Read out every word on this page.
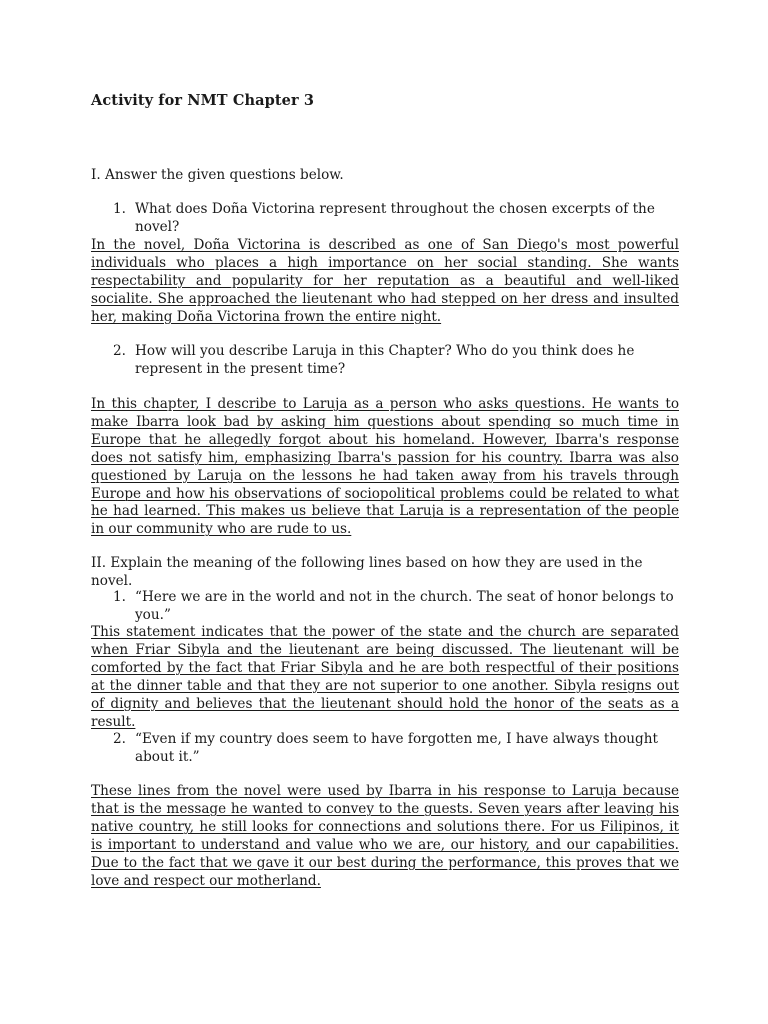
Activity for NMT Chapter 3

I. Answer the given questions below.

1. What does Doña Victorina represent throughout the chosen excerpts of the novel?

In the novel, Doña Victorina is described as one of San Diego's most powerful individuals who places a high importance on her social standing. She wants respectability and popularity for her reputation as a beautiful and well-liked socialite. She approached the lieutenant who had stepped on her dress and insulted her, making Doña Victorina frown the entire night.

2. How will you describe Laruja in this Chapter? Who do you think does he represent in the present time?

In this chapter, I describe to Laruja as a person who asks questions. He wants to make Ibarra look bad by asking him questions about spending so much time in Europe that he allegedly forgot about his homeland. However, Ibarra's response does not satisfy him, emphasizing Ibarra's passion for his country. Ibarra was also questioned by Laruja on the lessons he had taken away from his travels through Europe and how his observations of sociopolitical problems could be related to what he had learned. This makes us believe that Laruja is a representation of the people in our community who are rude to us.

II. Explain the meaning of the following lines based on how they are used in the novel.

1. “Here we are in the world and not in the church. The seat of honor belongs to you.”

This statement indicates that the power of the state and the church are separated when Friar Sibyla and the lieutenant are being discussed. The lieutenant will be comforted by the fact that Friar Sibyla and he are both respectful of their positions at the dinner table and that they are not superior to one another. Sibyla resigns out of dignity and believes that the lieutenant should hold the honor of the seats as a result.

2. “Even if my country does seem to have forgotten me, I have always thought about it.”

These lines from the novel were used by Ibarra in his response to Laruja because that is the message he wanted to convey to the guests. Seven years after leaving his native country, he still looks for connections and solutions there. For us Filipinos, it is important to understand and value who we are, our history, and our capabilities. Due to the fact that we gave it our best during the performance, this proves that we love and respect our motherland.
